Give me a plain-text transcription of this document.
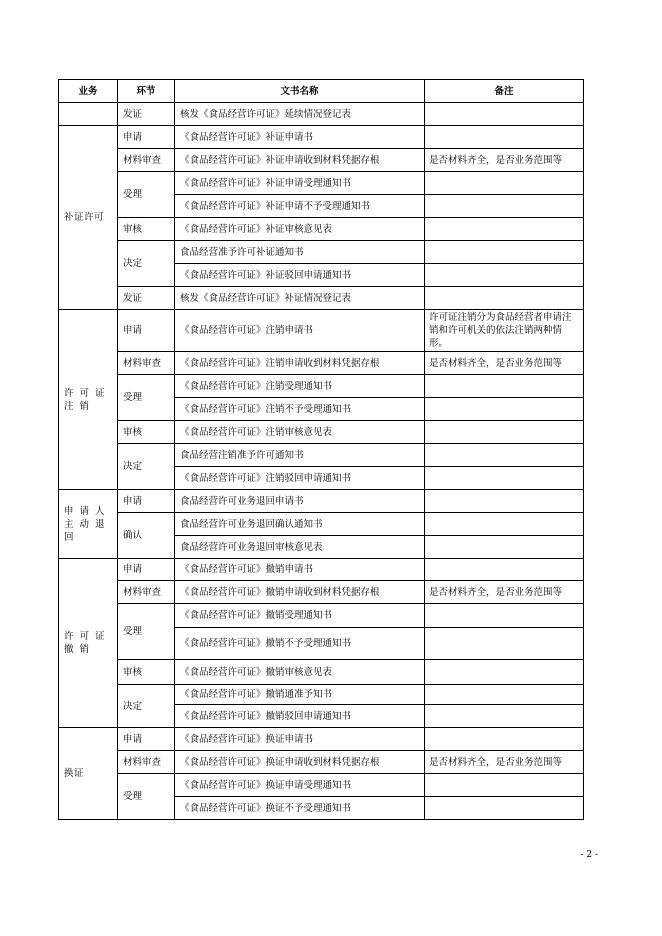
业务	环节	文书名称	备注
	发证	核发《食品经营许可证》延续情况登记表	
补证许可	申请	《食品经营许可证》补证申请书	
	材料审查	《食品经营许可证》补证申请收到材料凭据存根	是否材料齐全，是否业务范围等
	受理	《食品经营许可证》补证申请受理通知书	
		《食品经营许可证》补证申请不予受理通知书	
	审核	《食品经营许可证》补证审核意见表	
	决定	食品经营准予许可补证通知书	
		《食品经营许可证》补证驳回申请通知书	
	发证	核发《食品经营许可证》补证情况登记表	
许可证注销	申请	《食品经营许可证》注销申请书	许可证注销分为食品经营者申请注销和许可机关的依法注销两种情形。
	材料审查	《食品经营许可证》注销申请收到材料凭据存根	是否材料齐全，是否业务范围等
	受理	《食品经营许可证》注销受理通知书	
		《食品经营许可证》注销不予受理通知书	
	审核	《食品经营许可证》注销审核意见表	
	决定	食品经营注销准予许可通知书	
		《食品经营许可证》注销驳回申请通知书	
申请人主动退回	申请	食品经营许可业务退回申请书	
	确认	食品经营许可业务退回确认通知书	
		食品经营许可业务退回审核意见表	
许可证撤销	申请	《食品经营许可证》撤销申请书	
	材料审查	《食品经营许可证》撤销申请收到材料凭据存根	是否材料齐全，是否业务范围等
	受理	《食品经营许可证》撤销受理通知书	
		《食品经营许可证》撤销不予受理通知书	
	审核	《食品经营许可证》撤销审核意见表	
	决定	《食品经营许可证》撤销通准予知书	
		《食品经营许可证》撤销驳回申请通知书	
换证	申请	《食品经营许可证》换证申请书	
	材料审查	《食品经营许可证》换证申请收到材料凭据存根	是否材料齐全，是否业务范围等
	受理	《食品经营许可证》换证申请受理通知书	
		《食品经营许可证》换证不予受理通知书	
- 2 -
